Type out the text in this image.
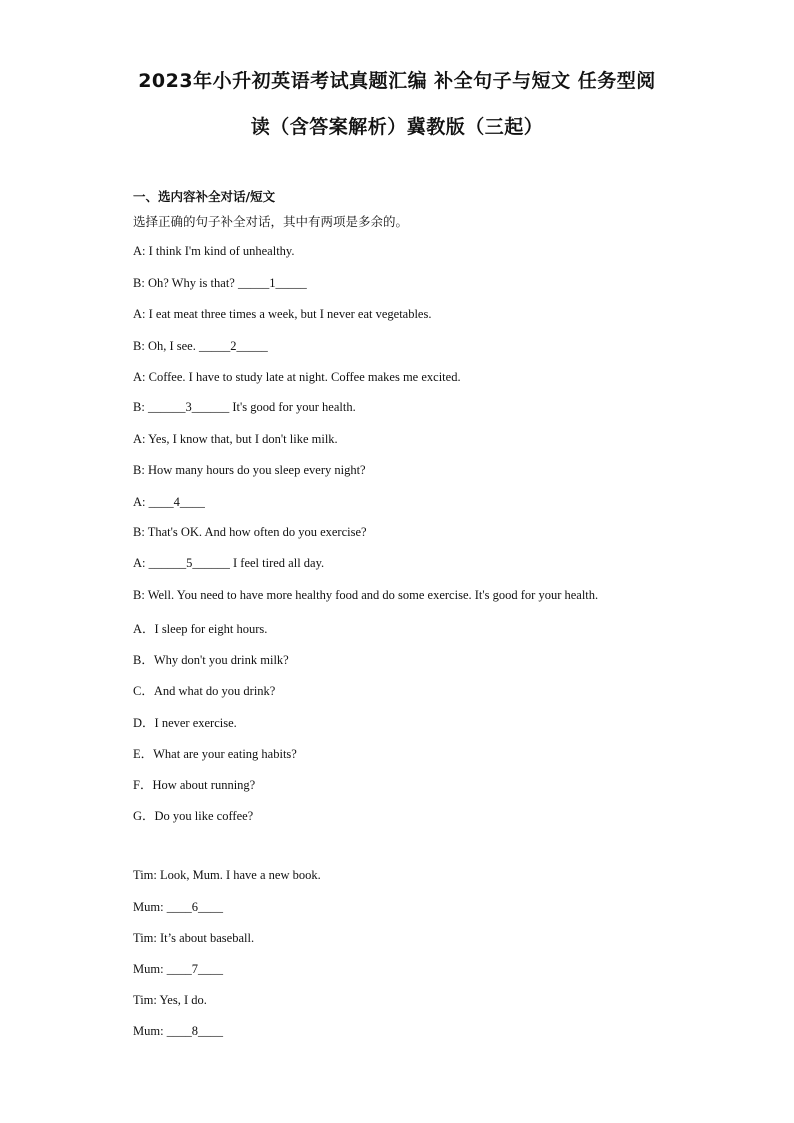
2023年小升初英语考试真题汇编 补全句子与短文 任务型阅
读（含答案解析）冀教版（三起）
一、选内容补全对话/短文
选择正确的句子补全对话，其中有两项是多余的。
A: I think I'm kind of unhealthy.
B: Oh? Why is that? _____1_____
A: I eat meat three times a week, but I never eat vegetables.
B: Oh, I see. _____2_____
A: Coffee. I have to study late at night. Coffee makes me excited.
B: ______3______ It's good for your health.
A: Yes, I know that, but I don't like milk.
B: How many hours do you sleep every night?
A: ____4____
B: That's OK. And how often do you exercise?
A: ______5______ I feel tired all day.
B: Well. You need to have more healthy food and do some exercise. It's good for your health.
A．I sleep for eight hours.
B．Why don't you drink milk?
C．And what do you drink?
D．I never exercise.
E．What are your eating habits?
F．How about running?
G．Do you like coffee?
Tim: Look, Mum. I have a new book.
Mum: ____6____
Tim: It’s about baseball.
Mum: ____7____
Tim: Yes, I do.
Mum: ____8____
